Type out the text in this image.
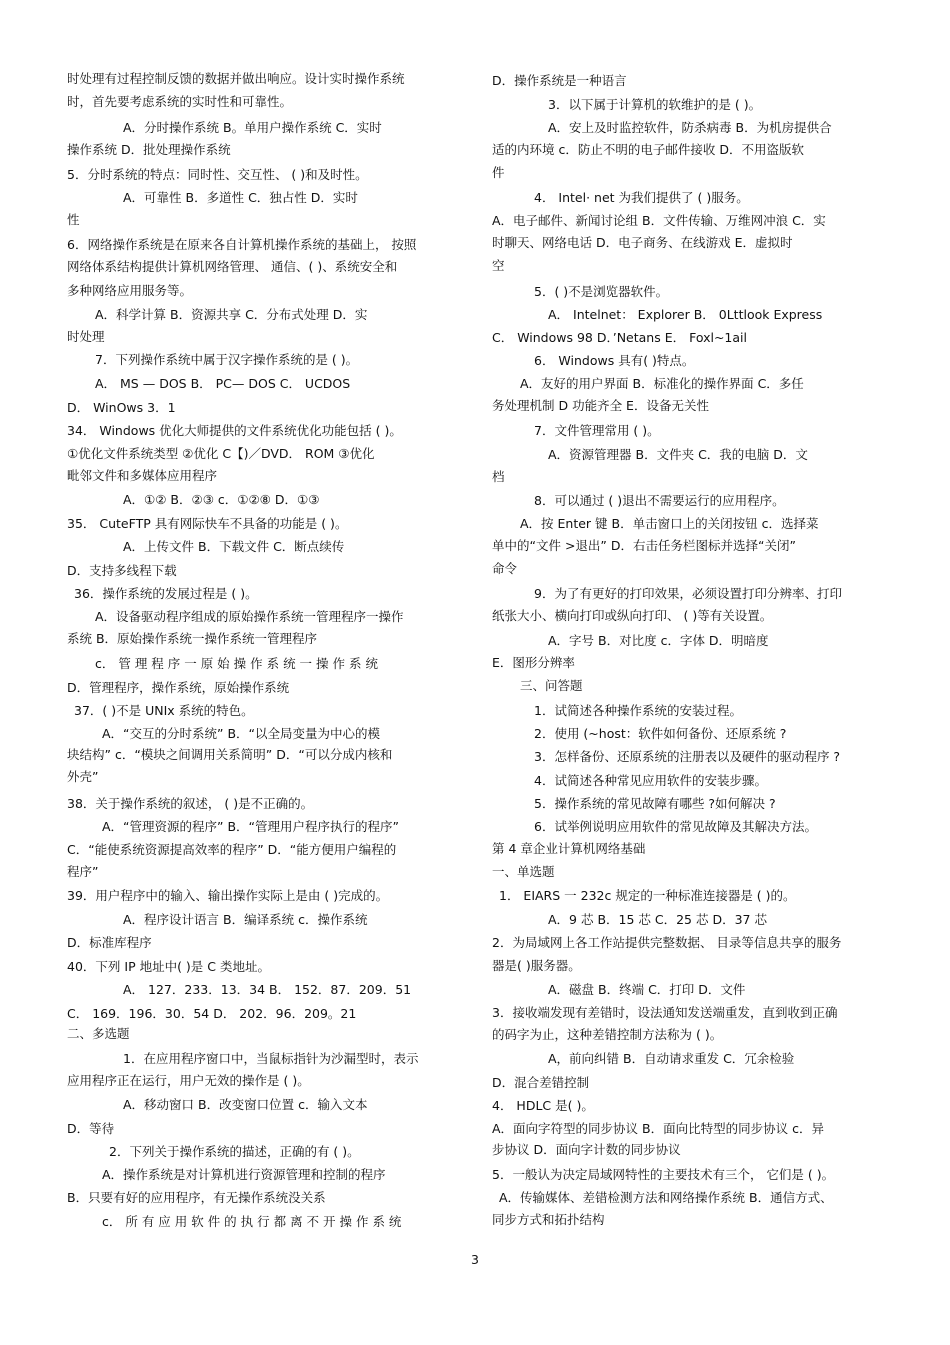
时处理有过程控制反馈的数据并做出响应。设计实时操作系统
时，首先要考虑系统的实时性和可靠性。
A．分时操作系统 B。单用户操作系统 C．实时
操作系统 D．批处理操作系统
5．分时系统的特点：同时性、交互性、 ( )和及时性。
A．可靠性 B．多道性 C．独占性 D．实时
性
6．网络操作系统是在原来各自计算机操作系统的基础上， 按照
网络体系结构提供计算机网络管理、 通信、( )、系统安全和
多种网络应用服务等。
A．科学计算 B．资源共享 C．分布式处理 D．实
时处理
7．下列操作系统中属于汉字操作系统的是 ( )。
A． MS — DOS B． PC— DOS C． UCDOS
D． WinOws 3．1
34． Windows 优化大师提供的文件系统优化功能包括 ( )。
①优化文件系统类型 ②优化 C【)／DVD． ROM ③优化
毗邻文件和多媒体应用程序
A．①② B．②③ c．①②⑧ D．①③
35． CuteFTP 具有网际快车不具备的功能是 ( )。
A．上传文件 B．下载文件 C．断点续传
D．支持多线程下载
36．操作系统的发展过程是 ( )。
A．设备驱动程序组成的原始操作系统一管理程序一操作
系统 B．原始操作系统一操作系统一管理程序
c． 管 理 程 序 一 原 始 操 作 系 统 一 操 作 系 统
D．管理程序，操作系统，原始操作系统
37．( )不是 UNIx 系统的特色。
A．“交互的分时系统” B．“以全局变量为中心的模
块结构” c．“模块之间调用关系简明” D．“可以分成内核和
外壳”
38．关于操作系统的叙述， ( )是不正确的。
A．“管理资源的程序” B．“管理用户程序执行的程序”
C．“能使系统资源提高效率的程序” D．“能方便用户编程的
程序”
39．用户程序中的输入、输出操作实际上是由 ( )完成的。
A．程序设计语言 B．编译系统 c．操作系统
D．标准库程序
40．下列 IP 地址中( )是 C 类地址。
A． 127．233．13．34 B． 152．87．209．51
C． 169．196．30．54 D． 202．96．209。21
二、多选题
1．在应用程序窗口中，当鼠标指针为沙漏型时，表示
应用程序正在运行，用户无效的操作是 ( )。
A．移动窗口 B．改变窗口位置 c．输入文本
D．等待
2．下列关于操作系统的描述，正确的有 ( )。
A．操作系统是对计算机进行资源管理和控制的程序
B．只要有好的应用程序，有无操作系统没关系
c． 所 有 应 用 软 件 的 执 行 都 离 不 开 操 作 系 统
D．操作系统是一种语言
3．以下属于计算机的软维护的是 ( )。
A．安上及时监控软件，防杀病毒 B．为机房提供合
适的内环境 c．防止不明的电子邮件接收 D．不用盗版软
件
4． Intel· net 为我们提供了 ( )服务。
A．电子邮件、新闻讨论组 B．文件传输、万维网冲浪 C．实
时聊天、网络电话 D．电子商务、在线游戏 E．虚拟时
空
5．( )不是浏览器软件。
A． Intelnet： Explorer B． 0Lttlook Express
C． Windows 98 D．’Netans E． Foxl~1ail
6． Windows 具有( )特点。
A．友好的用户界面 B．标准化的操作界面 C．多任
务处理机制 D 功能齐全 E．设备无关性
7．文件管理常用 ( )。
A．资源管理器 B．文件夹 C．我的电脑 D．文
档
8．可以通过 ( )退出不需要运行的应用程序。
A．按 Enter 键 B．单击窗口上的关闭按钮 c．选择菜
单中的“文件 >退出” D．右击任务栏图标并选择“关闭”
命令
9．为了有更好的打印效果，必须设置打印分辨率、打印
纸张大小、横向打印或纵向打印、 ( )等有关设置。
A．字号 B．对比度 c．字体 D．明暗度
E．图形分辨率
三、问答题
1．试简述各种操作系统的安装过程。
2．使用 (~host：软件如何备份、还原系统 ?
3．怎样备份、还原系统的注册表以及硬件的驱动程序 ?
4．试简述各种常见应用软件的安装步骤。
5．操作系统的常见故障有哪些 ?如何解决 ?
6．试举例说明应用软件的常见故障及其解决方法。
第 4 章企业计算机网络基础
一、单选题
1． EIARS 一 232c 规定的一种标准连接器是 ( )的。
A．9 芯 B．15 芯 C．25 芯 D．37 芯
2．为局域网上各工作站提供完整数据、 目录等信息共享的服务
器是( )服务器。
A．磁盘 B．终端 C．打印 D．文件
3．接收端发现有差错时，设法通知发送端重发，直到收到正确
的码字为止，这种差错控制方法称为 ( )。
A，前向纠错 B．自动请求重发 C．冗余检验
D．混合差错控制
4． HDLC 是( )。
A．面向字符型的同步协议 B．面向比特型的同步协议 c．异
步协议 D．面向字计数的同步协议
5．一般认为决定局域网特性的主要技术有三个， 它们是 ( )。
A．传输媒体、差错检测方法和网络操作系统 B．通信方式、
同步方式和拓扑结构
3
